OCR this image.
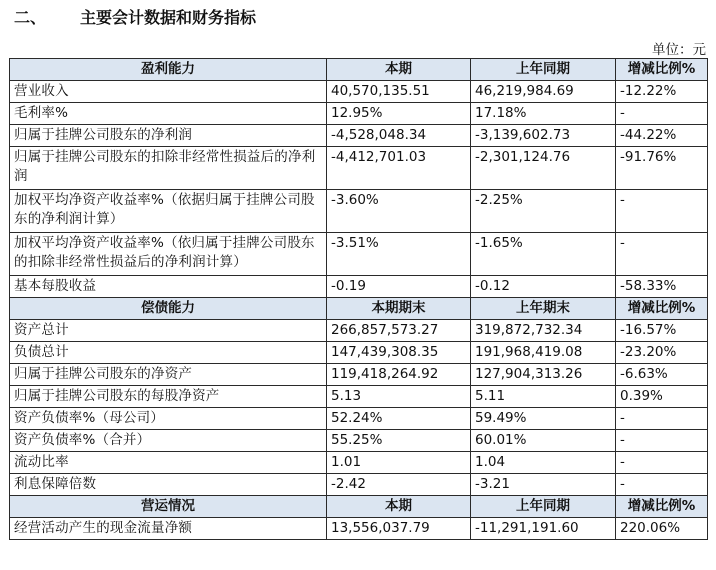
二、 主要会计数据和财务指标
单位：元
盈利能力	本期	上年同期	增减比例%
营业收入	40,570,135.51	46,219,984.69	-12.22%
毛利率%	12.95%	17.18%	-
归属于挂牌公司股东的净利润	-4,528,048.34	-3,139,602.73	-44.22%
归属于挂牌公司股东的扣除非经常性损益后的净利润	-4,412,701.03	-2,301,124.76	-91.76%
加权平均净资产收益率%（依据归属于挂牌公司股东的净利润计算）	-3.60%	-2.25%	-
加权平均净资产收益率%（依归属于挂牌公司股东的扣除非经常性损益后的净利润计算）	-3.51%	-1.65%	-
基本每股收益	-0.19	-0.12	-58.33%
偿债能力	本期期末	上年期末	增减比例%
资产总计	266,857,573.27	319,872,732.34	-16.57%
负债总计	147,439,308.35	191,968,419.08	-23.20%
归属于挂牌公司股东的净资产	119,418,264.92	127,904,313.26	-6.63%
归属于挂牌公司股东的每股净资产	5.13	5.11	0.39%
资产负债率%（母公司）	52.24%	59.49%	-
资产负债率%（合并）	55.25%	60.01%	-
流动比率	1.01	1.04	-
利息保障倍数	-2.42	-3.21	-
营运情况	本期	上年同期	增减比例%
经营活动产生的现金流量净额	13,556,037.79	-11,291,191.60	220.06%
